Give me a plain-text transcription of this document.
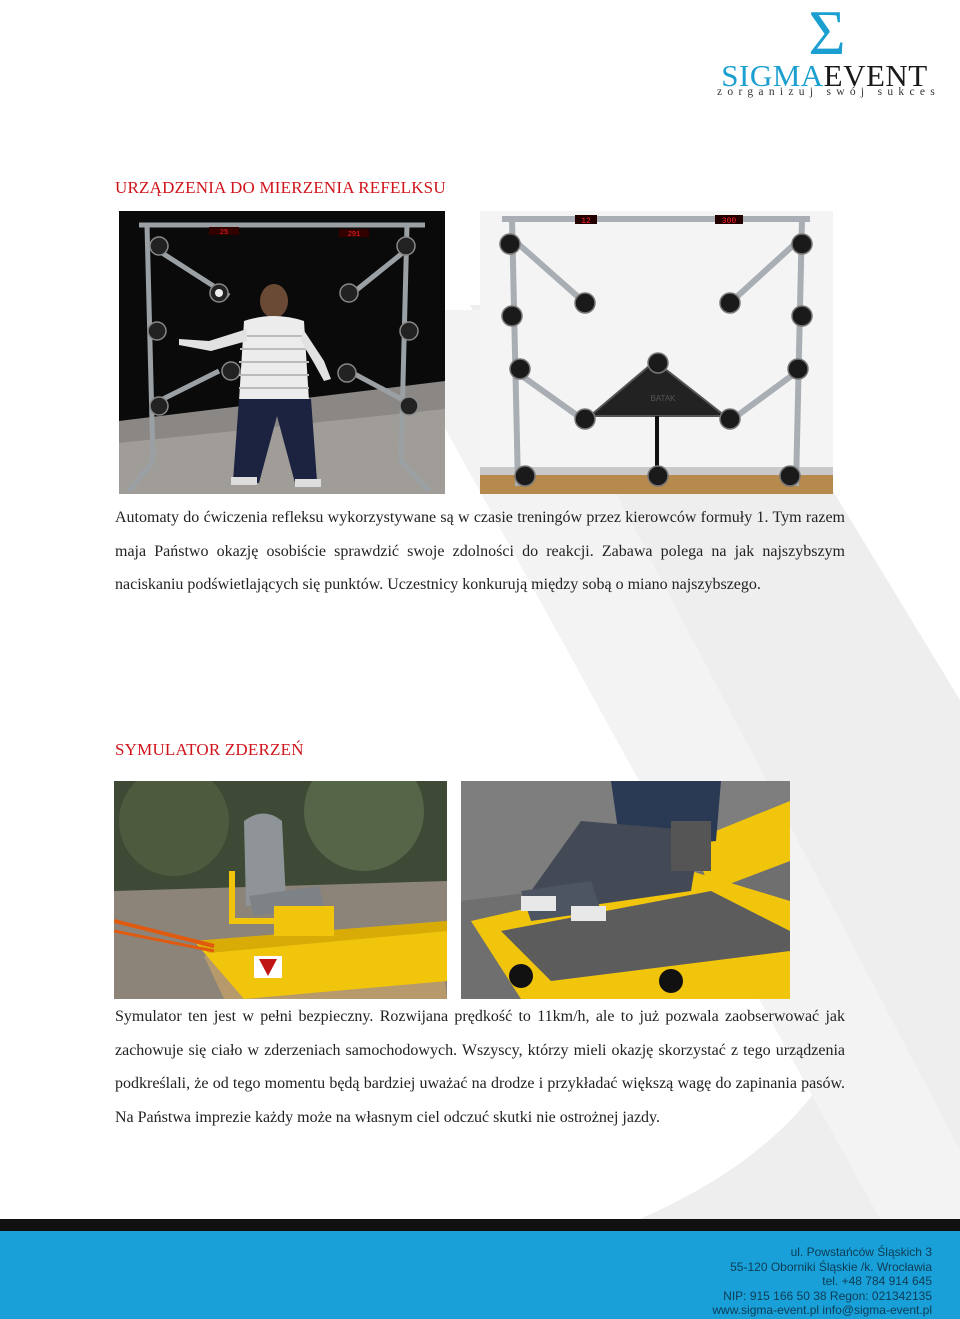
Σ
SIGMAEVENT
zorganizuj swój sukces
URZĄDZENIA DO MIERZENIA REFELKSU
25	291
12	300
BATAK

Automaty do ćwiczenia refleksu wykorzystywane są w czasie treningów przez kierowców formuły 1. Tym razem maja Państwo okazję osobiście sprawdzić swoje zdolności do reakcji. Zabawa polega na jak najszybszym naciskaniu podświetlających się punktów. Uczestnicy konkurują między sobą o miano najszybszego.

SYMULATOR ZDERZEŃ

Symulator ten jest w pełni bezpieczny. Rozwijana prędkość to 11km/h, ale to już pozwala zaobserwować jak zachowuje się ciało w zderzeniach samochodowych. Wszyscy, którzy mieli okazję skorzystać z tego urządzenia podkreślali, że od tego momentu będą bardziej uważać na drodze i przykładać większą wagę do zapinania pasów. Na Państwa imprezie każdy może na własnym ciel odczuć skutki nie ostrożnej jazdy.

ul. Powstańców Śląskich 3
55-120 Oborniki Śląskie /k. Wrocławia
tel. +48 784 914 645
NIP: 915 166 50 38 Regon: 021342135
www.sigma-event.pl info@sigma-event.pl
